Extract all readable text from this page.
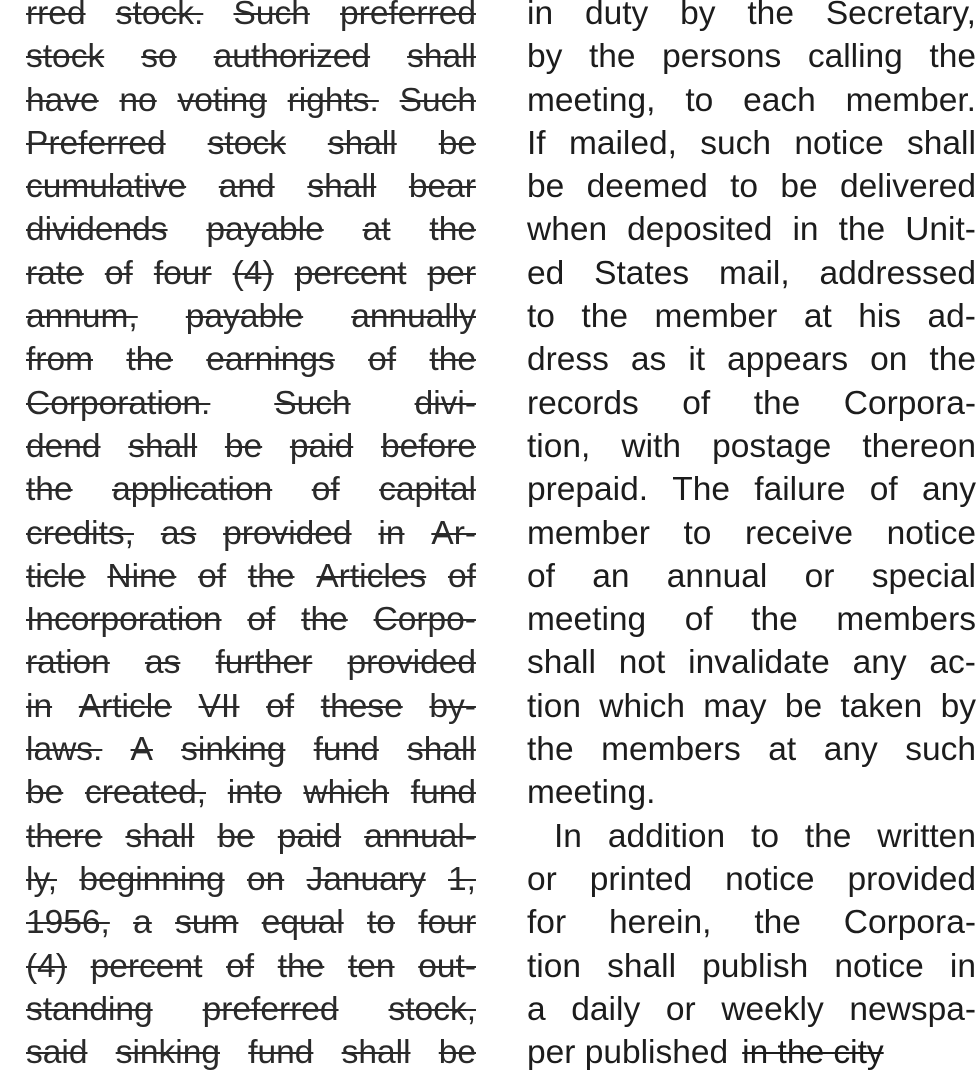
rred stock. Such preferred
stock so authorized shall
have no voting rights. Such
Preferred stock shall be
cumulative and shall bear
dividends payable at the
rate of four (4) percent per
annum, payable annually
from the earnings of the
Corporation. Such divi-
dend shall be paid before
the application of capital
credits, as provided in Ar-
ticle Nine of the Articles of
Incorporation of the Corpo-
ration as further provided
in Article VII of these by-
laws. A sinking fund shall
be created, into which fund
there shall be paid annual-
ly, beginning on January 1,
1956, a sum equal to four
(4) percent of the ten out-
standing preferred stock,
said sinking fund shall be
in duty by the Secretary,
by the persons calling the
meeting, to each member.
If mailed, such notice shall
be deemed to be delivered
when deposited in the Unit-
ed States mail, addressed
to the member at his ad-
dress as it appears on the
records of the Corpora-
tion, with postage thereon
prepaid. The failure of any
member to receive notice
of an annual or special
meeting of the members
shall not invalidate any ac-
tion which may be taken by
the members at any such
meeting.
In addition to the written
or printed notice provided
for herein, the Corpora-
tion shall publish notice in
a daily or weekly newspa-
per published in the city
